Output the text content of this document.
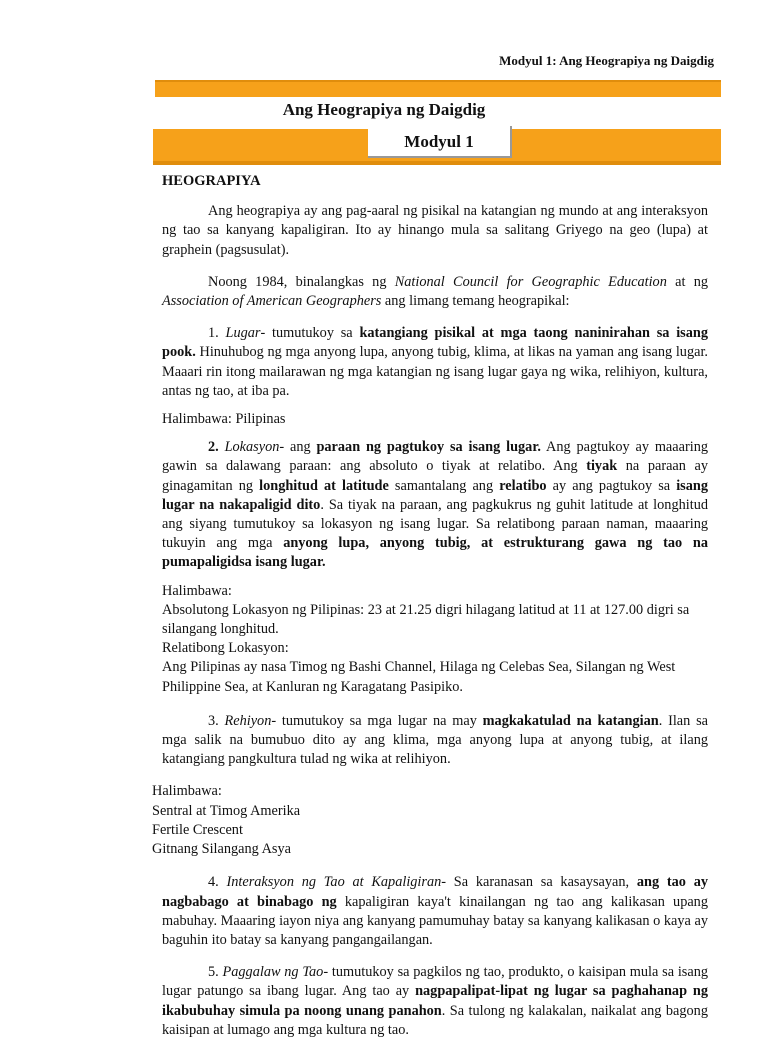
Modyul 1: Ang Heograpiya ng Daigdig
Ang Heograpiya ng Daigdig
Modyul 1

HEOGRAPIYA

Ang heograpiya ay ang pag-aaral ng pisikal na katangian ng mundo at ang interaksyon ng tao sa kanyang kapaligiran. Ito ay hinango mula sa salitang Griyego na geo (lupa) at graphein (pagsusulat).

Noong 1984, binalangkas ng National Council for Geographic Education at ng Association of American Geographers ang limang temang heograpikal:

1. Lugar- tumutukoy sa katangiang pisikal at mga taong naninirahan sa isang pook. Hinuhubog ng mga anyong lupa, anyong tubig, klima, at likas na yaman ang isang lugar. Maaari rin itong mailarawan ng mga katangian ng isang lugar gaya ng wika, relihiyon, kultura, antas ng tao, at iba pa.

Halimbawa: Pilipinas

2. Lokasyon- ang paraan ng pagtukoy sa isang lugar. Ang pagtukoy ay maaaring gawin sa dalawang paraan: ang absoluto o tiyak at relatibo. Ang tiyak na paraan ay ginagamitan ng longhitud at latitude samantalang ang relatibo ay ang pagtukoy sa isang lugar na nakapaligid dito. Sa tiyak na paraan, ang pagkukrus ng guhit latitude at longhitud ang siyang tumutukoy sa lokasyon ng isang lugar. Sa relatibong paraan naman, maaaring tukuyin ang mga anyong lupa, anyong tubig, at estrukturang gawa ng tao na pumapaligidsa isang lugar.

Halimbawa:

Absolutong Lokasyon ng Pilipinas: 23 at 21.25 digri hilagang latitud at 11 at 127.00 digri sa silangang longhitud.

Relatibong Lokasyon:

Ang Pilipinas ay nasa Timog ng Bashi Channel, Hilaga ng Celebas Sea, Silangan ng West Philippine Sea, at Kanluran ng Karagatang Pasipiko.

3. Rehiyon- tumutukoy sa mga lugar na may magkakatulad na katangian. Ilan sa mga salik na bumubuo dito ay ang klima, mga anyong lupa at anyong tubig, at ilang katangiang pangkultura tulad ng wika at relihiyon.

Halimbawa:

Sentral at Timog Amerika

Fertile Crescent

Gitnang Silangang Asya

4. Interaksyon ng Tao at Kapaligiran- Sa karanasan sa kasaysayan, ang tao ay nagbabago at binabago ng kapaligiran kaya't kinailangan ng tao ang kalikasan upang mabuhay. Maaaring iayon niya ang kanyang pamumuhay batay sa kanyang kalikasan o kaya ay baguhin ito batay sa kanyang pangangailangan.

5. Paggalaw ng Tao- tumutukoy sa pagkilos ng tao, produkto, o kaisipan mula sa isang lugar patungo sa ibang lugar. Ang tao ay nagpapalipat-lipat ng lugar sa paghahanap ng ikabubuhay simula pa noong unang panahon. Sa tulong ng kalakalan, naikalat ang bagong kaisipan at lumago ang mga kultura ng tao.
